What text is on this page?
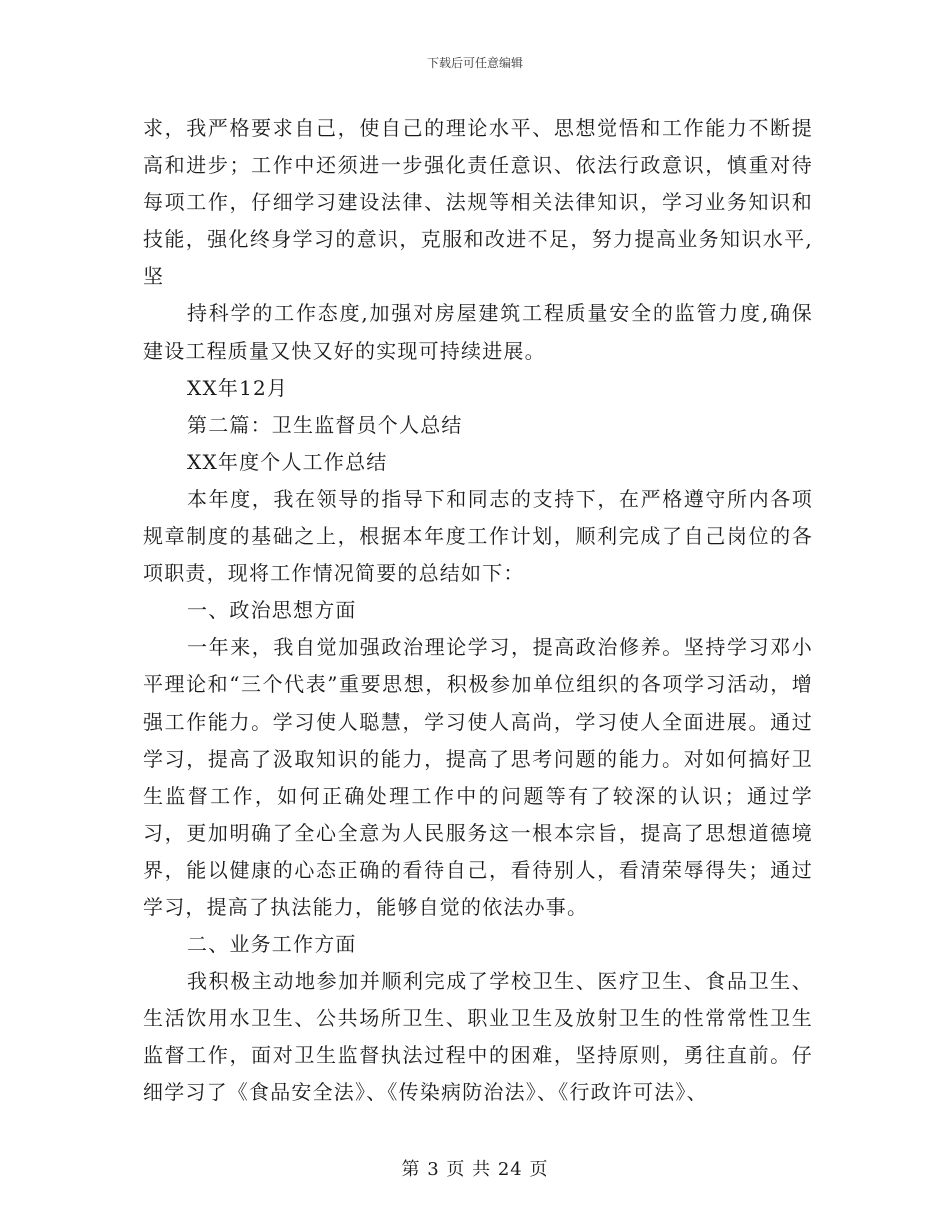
下载后可任意编辑

求，我严格要求自己，使自己的理论水平、思想觉悟和工作能力不断提高和进步；工作中还须进一步强化责任意识、依法行政意识，慎重对待每项工作，仔细学习建设法律、法规等相关法律知识，学习业务知识和技能，强化终身学习的意识，克服和改进不足，努力提高业务知识水平,坚

持科学的工作态度,加强对房屋建筑工程质量安全的监管力度,确保建设工程质量又快又好的实现可持续进展。

XX年12月

第二篇：卫生监督员个人总结

XX年度个人工作总结

本年度，我在领导的指导下和同志的支持下，在严格遵守所内各项规章制度的基础之上，根据本年度工作计划，顺利完成了自己岗位的各项职责，现将工作情况简要的总结如下：

一、政治思想方面

一年来，我自觉加强政治理论学习，提高政治修养。坚持学习邓小平理论和“三个代表”重要思想，积极参加单位组织的各项学习活动，增强工作能力。学习使人聪慧，学习使人高尚，学习使人全面进展。通过学习，提高了汲取知识的能力，提高了思考问题的能力。对如何搞好卫生监督工作，如何正确处理工作中的问题等有了较深的认识；通过学习，更加明确了全心全意为人民服务这一根本宗旨，提高了思想道德境界，能以健康的心态正确的看待自己，看待别人，看清荣辱得失；通过学习，提高了执法能力，能够自觉的依法办事。

二、业务工作方面

我积极主动地参加并顺利完成了学校卫生、医疗卫生、食品卫生、生活饮用水卫生、公共场所卫生、职业卫生及放射卫生的性常常性卫生监督工作，面对卫生监督执法过程中的困难，坚持原则，勇往直前。仔细学习了《食品安全法》、《传染病防治法》、《行政许可法》、

第 3 页 共 24 页
